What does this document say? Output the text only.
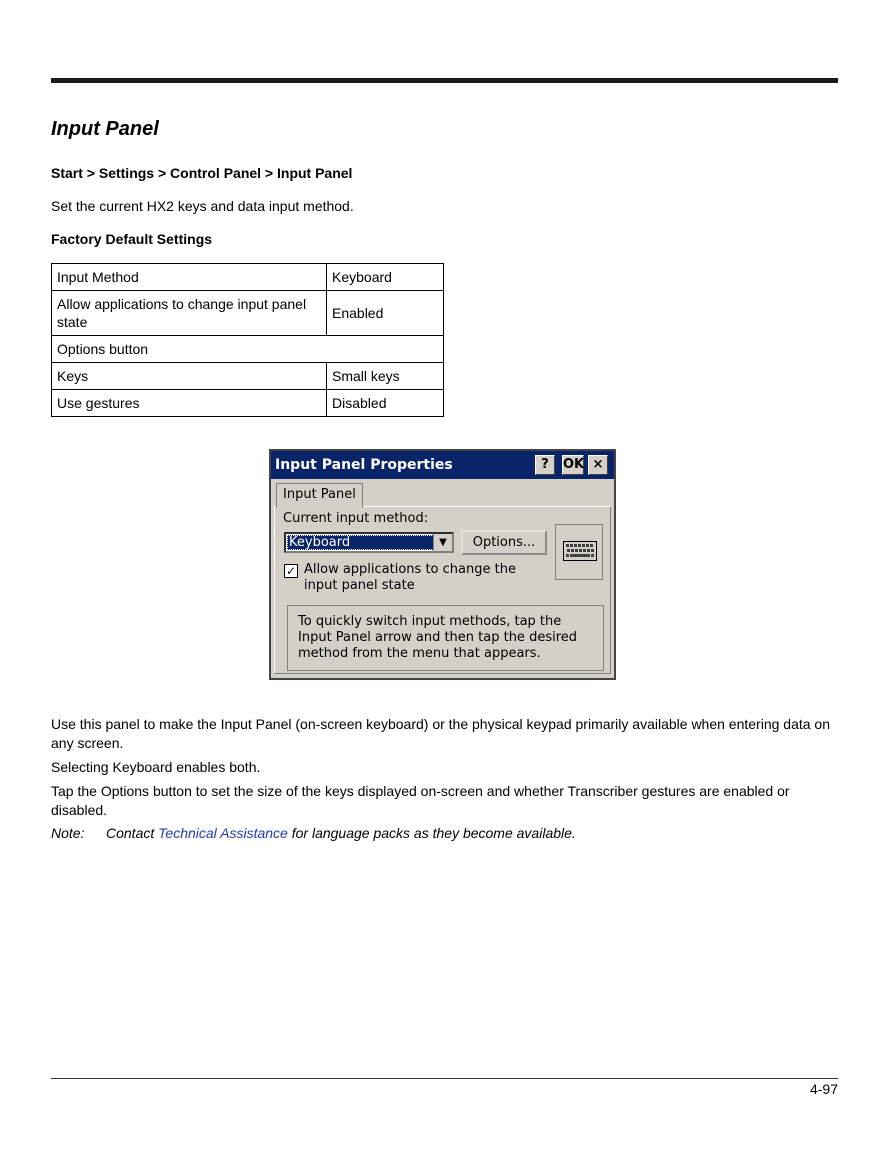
Input Panel
Start > Settings > Control Panel > Input Panel
Set the current HX2 keys and data input method.
Factory Default Settings
Input Method	Keyboard
Allow applications to change input panel state	Enabled
Options button	
Keys	Small keys
Use gestures	Disabled
Input Panel Properties	?	OK ×
Input Panel
Current input method:
Keyboard	▼	Options...
✓ Allow applications to change the input panel state
To quickly switch input methods, tap the Input Panel arrow and then tap the desired method from the menu that appears.

Use this panel to make the Input Panel (on-screen keyboard) or the physical keypad primarily available when entering data on any screen.

Selecting Keyboard enables both.

Tap the Options button to set the size of the keys displayed on-screen and whether Transcriber gestures are enabled or disabled.

Note: Contact Technical Assistance for language packs as they become available.
4-97
